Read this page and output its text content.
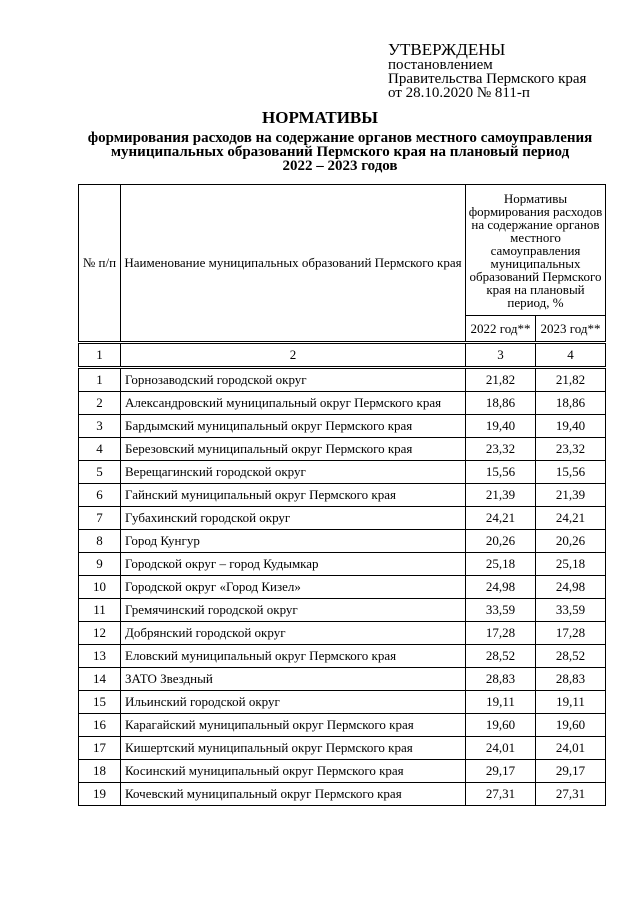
УТВЕРЖДЕНЫ
постановлением
Правительства Пермского края
от 28.10.2020 № 811-п
НОРМАТИВЫ
формирования расходов на содержание органов местного самоуправления
муниципальных образований Пермского края на плановый период
2022 – 2023 годов
№ п/п	Наименование муниципальных образований Пермского края	Нормативы формирования расходов на содержание органов местного самоуправления муниципальных образований Пермского края на плановый период, %	
		2022 год**	2023 год**
1	2	3	4
1	Горнозаводский городской округ	21,82	21,82
2	Александровский муниципальный округ Пермского края	18,86	18,86
3	Бардымский муниципальный округ Пермского края	19,40	19,40
4	Березовский муниципальный округ Пермского края	23,32	23,32
5	Верещагинский городской округ	15,56	15,56
6	Гайнский муниципальный округ Пермского края	21,39	21,39
7	Губахинский городской округ	24,21	24,21
8	Город Кунгур	20,26	20,26
9	Городской округ – город Кудымкар	25,18	25,18
10	Городской округ «Город Кизел»	24,98	24,98
11	Гремячинский городской округ	33,59	33,59
12	Добрянский городской округ	17,28	17,28
13	Еловский муниципальный округ Пермского края	28,52	28,52
14	ЗАТО Звездный	28,83	28,83
15	Ильинский городской округ	19,11	19,11
16	Карагайский муниципальный округ Пермского края	19,60	19,60
17	Кишертский муниципальный округ Пермского края	24,01	24,01
18	Косинский муниципальный округ Пермского края	29,17	29,17
19	Кочевский муниципальный округ Пермского края	27,31	27,31
